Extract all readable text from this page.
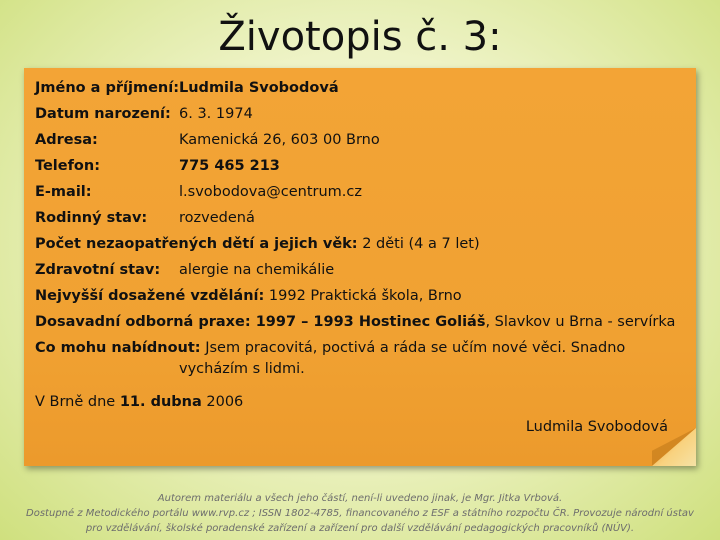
Životopis č. 3:
Jméno a příjmení: Ludmila Svobodová
Datum narození: 6. 3. 1974
Adresa:	Kamenická 26, 603 00 Brno
Telefon:	775 465 213
E-mail:	l.svobodova@centrum.cz
Rodinný stav: rozvedená
Počet nezaopatřených dětí a jejich věk: 2 děti (4 a 7 let)
Zdravotní stav: alergie na chemikálie
Nejvyšší dosažené vzdělání: 1992 Praktická škola, Brno
Dosavadní odborná praxe: 1997 – 1993 Hostinec Goliáš, Slavkov u Brna - servírka
Co mohu nabídnout: Jsem pracovitá, poctivá a ráda se učím nové věci. Snadno
vycházím s lidmi.
V Brně dne 11. dubna 2006
Ludmila Svobodová
Autorem materiálu a všech jeho částí, není-li uvedeno jinak, je Mgr. Jitka Vrbová.
Dostupné z Metodického portálu www.rvp.cz ; ISSN 1802-4785, financovaného z ESF a státního rozpočtu ČR. Provozuje národní ústav
pro vzdělávání, školské poradenské zařízení a zařízení pro další vzdělávání pedagogických pracovníků (NÚV).
